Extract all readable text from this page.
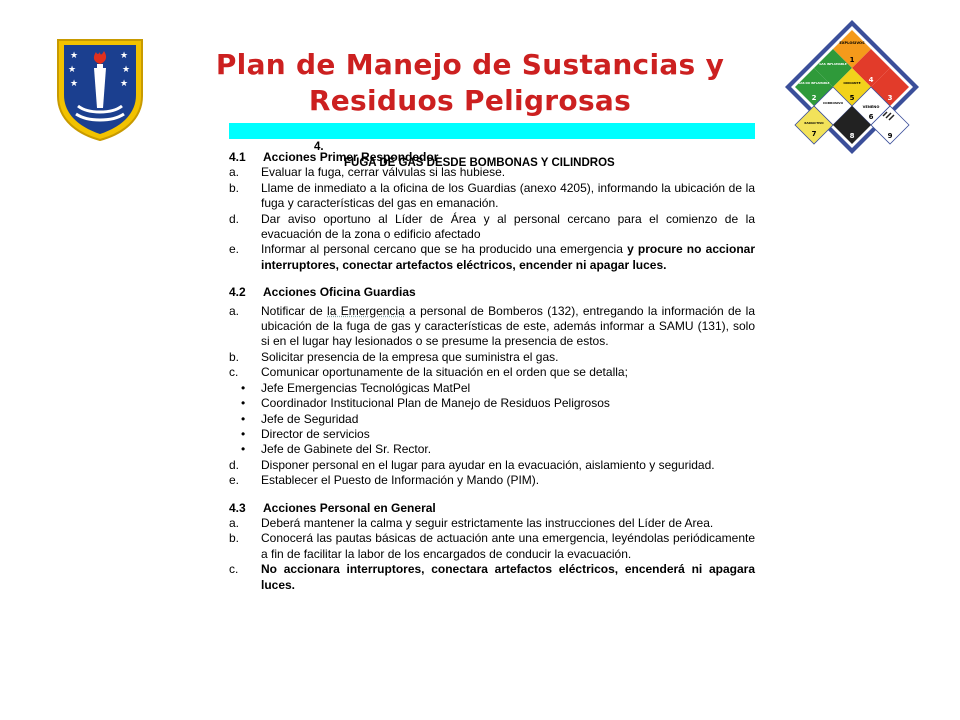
★	★
★	★
★	★
Plan de Manejo de Sustancias y
Residuos Peligrosas
EXPLOSIVOS
1
GAS INFLAMABLE
GAS NO INFLAMABLE
2
4
3
OXIDANTE
5
CORROSIVO
VENENO
6
RADIACTIVO
7	8	9

4.

FUGA DE GAS DESDE BOMBONAS Y CILINDROS

4.1 Acciones Primer Respondedor
a. Evaluar la fuga, cerrar válvulas si las hubiese.
b. Llame de inmediato a la oficina de los Guardias (anexo 4205), informando la ubicación de la fuga y características del gas en emanación.
d. Dar aviso oportuno al Líder de Área y al personal cercano para el comienzo de la evacuación de la zona o edificio afectado
e. Informar al personal cercano que se ha producido una emergencia y procure no accionar interruptores, conectar artefactos eléctricos, encender ni apagar luces.
4.2 Acciones Oficina Guardias
a. Notificar de la Emergencia a personal de Bomberos (132), entregando la información de la ubicación de la fuga de gas y características de este, además informar a SAMU (131), solo si en el lugar hay lesionados o se presume la presencia de estos.
b. Solicitar presencia de la empresa que suministra el gas.
c. Comunicar oportunamente de la situación en el orden que se detalla;
• Jefe Emergencias Tecnológicas MatPel
• Coordinador Institucional Plan de Manejo de Residuos Peligrosos
• Jefe de Seguridad
• Director de servicios
• Jefe de Gabinete del Sr. Rector.
d. Disponer personal en el lugar para ayudar en la evacuación, aislamiento y seguridad.
e. Establecer el Puesto de Información y Mando (PIM).
4.3 Acciones Personal en General
a. Deberá mantener la calma y seguir estrictamente las instrucciones del Líder de Area.
b. Conocerá las pautas básicas de actuación ante una emergencia, leyéndolas periódicamente a fin de facilitar la labor de los encargados de conducir la evacuación.
c. No accionara interruptores, conectara artefactos eléctricos, encenderá ni apagara luces.
